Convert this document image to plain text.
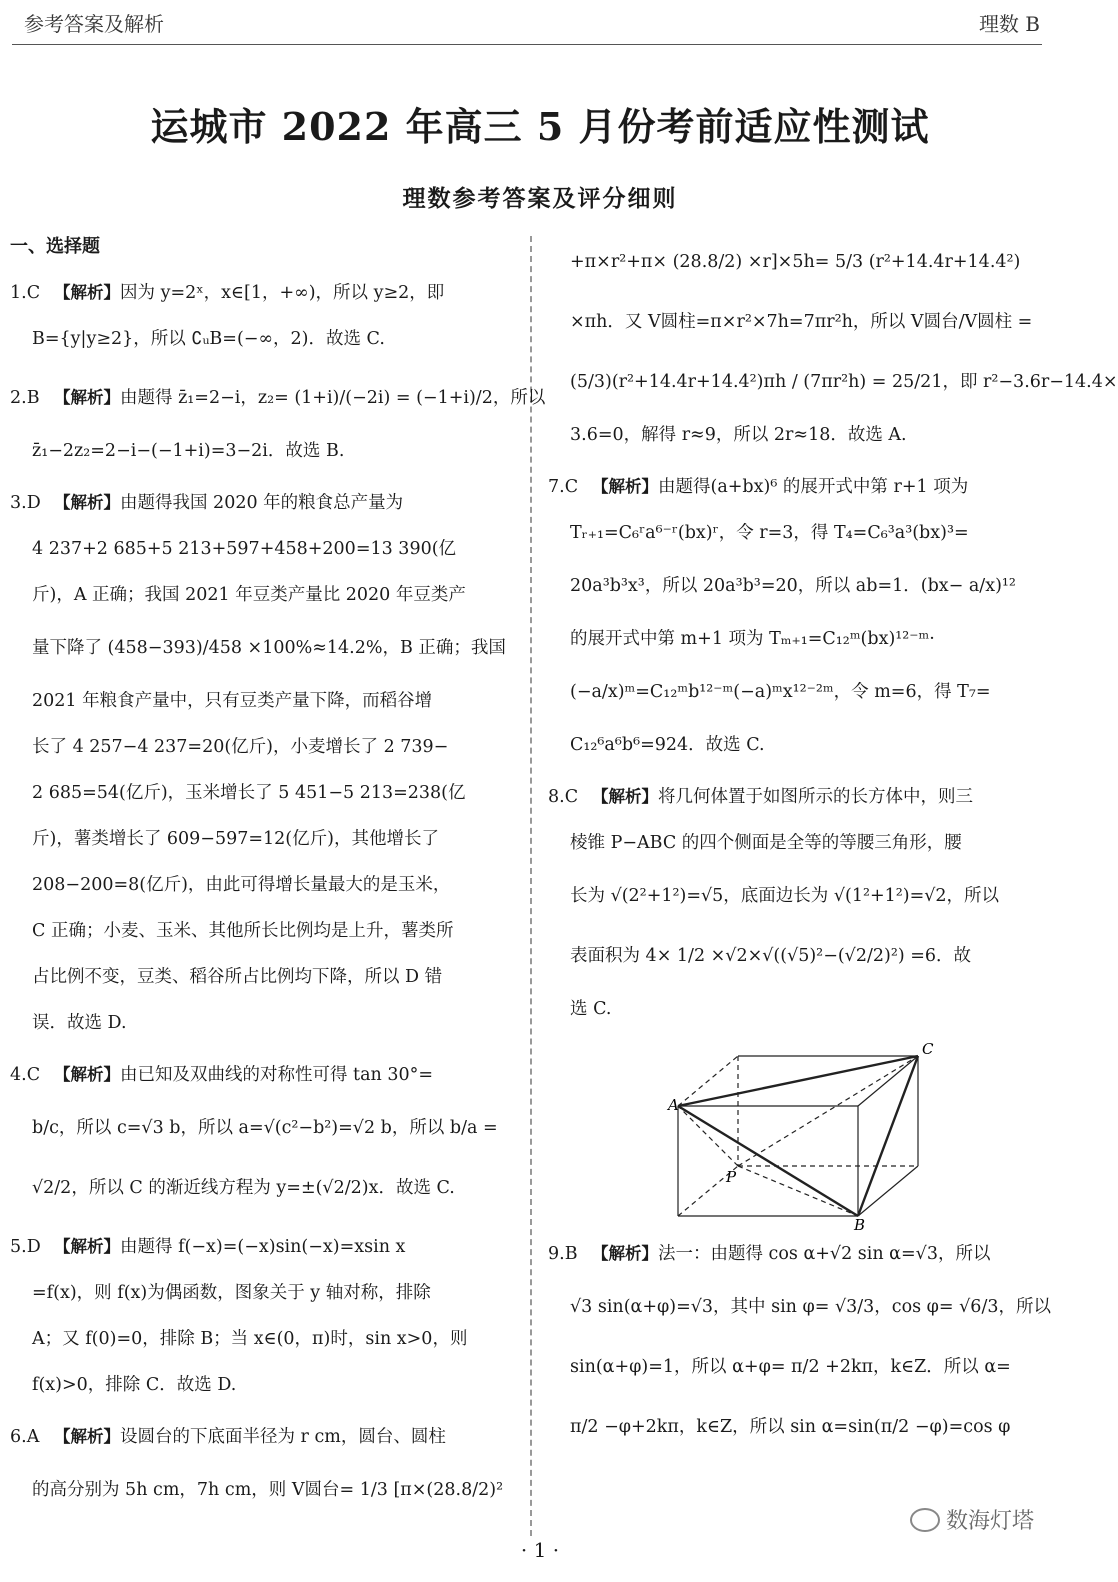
参考答案及解析	理数 B
运城市 2022 年高三 5 月份考前适应性测试
理数参考答案及评分细则
一、选择题
1.C 【解析】因为 y=2ˣ，x∈[1，+∞)，所以 y≥2，即
B={y|y≥2}，所以 ∁ᵤB=(−∞，2)．故选 C.
2.B 【解析】由题得 z̄₁=2−i，z₂= (1+i)/(−2i) = (−1+i)/2，所以
z̄₁−2z₂=2−i−(−1+i)=3−2i．故选 B.
3.D 【解析】由题得我国 2020 年的粮食总产量为
4 237+2 685+5 213+597+458+200=13 390(亿
斤)，A 正确；我国 2021 年豆类产量比 2020 年豆类产
量下降了 (458−393)/458 ×100%≈14.2%，B 正确；我国
2021 年粮食产量中，只有豆类产量下降，而稻谷增
长了 4 257−4 237=20(亿斤)，小麦增长了 2 739−
2 685=54(亿斤)，玉米增长了 5 451−5 213=238(亿
斤)，薯类增长了 609−597=12(亿斤)，其他增长了
208−200=8(亿斤)，由此可得增长量最大的是玉米，
C 正确；小麦、玉米、其他所长比例均是上升，薯类所
占比例不变，豆类、稻谷所占比例均下降，所以 D 错
误．故选 D.
4.C 【解析】由已知及双曲线的对称性可得 tan 30°=
b/c，所以 c=√3 b，所以 a=√(c²−b²)=√2 b，所以 b/a =
√2/2，所以 C 的渐近线方程为 y=±(√2/2)x．故选 C.
5.D 【解析】由题得 f(−x)=(−x)sin(−x)=xsin x
=f(x)，则 f(x)为偶函数，图象关于 y 轴对称，排除
A；又 f(0)=0，排除 B；当 x∈(0，π)时，sin x>0，则
f(x)>0，排除 C．故选 D.
6.A 【解析】设圆台的下底面半径为 r cm，圆台、圆柱
的高分别为 5h cm，7h cm，则 V圆台= 1/3 [π×(28.8/2)²
+π×r²+π× (28.8/2) ×r]×5h= 5/3 (r²+14.4r+14.4²)
×πh．又 V圆柱=π×r²×7h=7πr²h，所以 V圆台/V圆柱 =
(5/3)(r²+14.4r+14.4²)πh / (7πr²h) = 25/21，即 r²−3.6r−14.4×
3.6=0，解得 r≈9，所以 2r≈18．故选 A.
7.C 【解析】由题得(a+bx)⁶ 的展开式中第 r+1 项为
Tᵣ₊₁=C₆ʳa⁶⁻ʳ(bx)ʳ，令 r=3，得 T₄=C₆³a³(bx)³=
20a³b³x³，所以 20a³b³=20，所以 ab=1．(bx− a/x)¹²
的展开式中第 m+1 项为 Tₘ₊₁=C₁₂ᵐ(bx)¹²⁻ᵐ·
(−a/x)ᵐ=C₁₂ᵐb¹²⁻ᵐ(−a)ᵐx¹²⁻²ᵐ，令 m=6，得 T₇=
C₁₂⁶a⁶b⁶=924．故选 C.
8.C 【解析】将几何体置于如图所示的长方体中，则三
棱锥 P−ABC 的四个侧面是全等的等腰三角形，腰
长为 √(2²+1²)=√5，底面边长为 √(1²+1²)=√2，所以
表面积为 4× 1/2 ×√2×√((√5)²−(√2/2)²) =6．故
选 C.
A
C
P
B
9.B 【解析】法一：由题得 cos α+√2 sin α=√3，所以
√3 sin(α+φ)=√3，其中 sin φ= √3/3，cos φ= √6/3，所以
sin(α+φ)=1，所以 α+φ= π/2 +2kπ，k∈Z．所以 α=
π/2 −φ+2kπ，k∈Z，所以 sin α=sin(π/2 −φ)=cos φ
· 1 ·
数海灯塔
